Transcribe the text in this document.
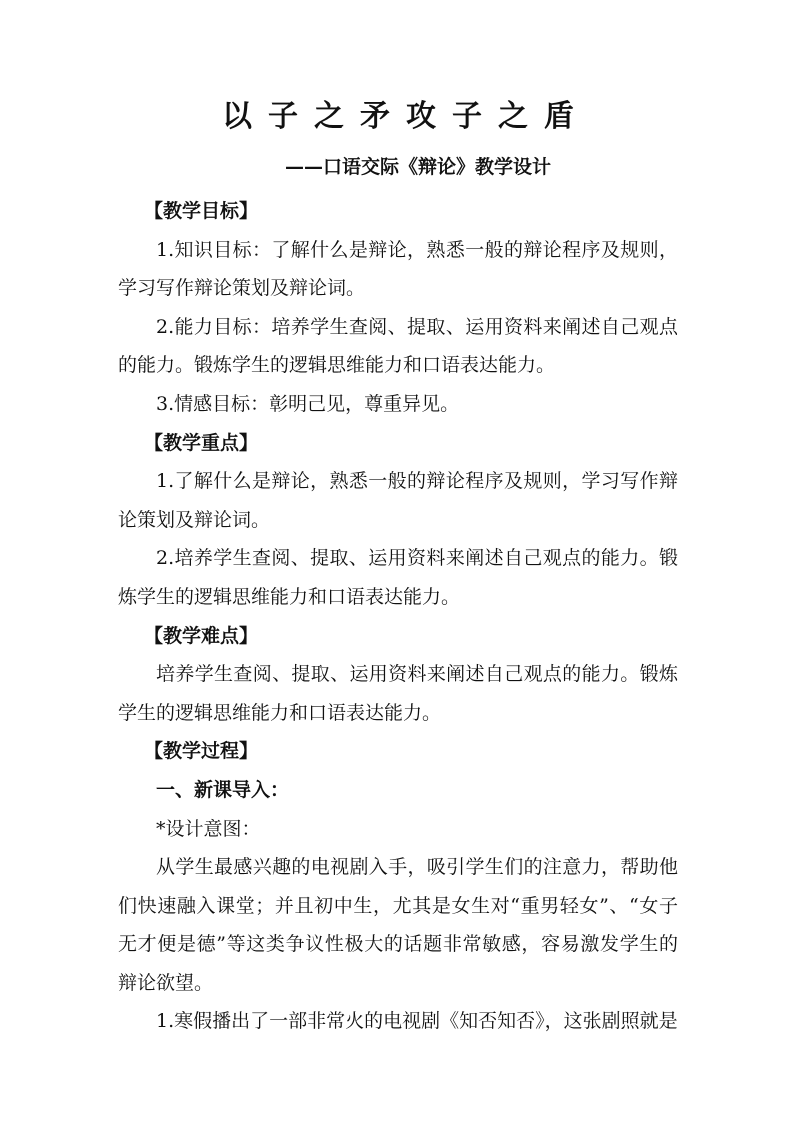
以子之矛攻子之盾
——口语交际《辩论》教学设计

【教学目标】

1.知识目标：了解什么是辩论，熟悉一般的辩论程序及规则，学习写作辩论策划及辩论词。

2.能力目标：培养学生查阅、提取、运用资料来阐述自己观点的能力。锻炼学生的逻辑思维能力和口语表达能力。

3.情感目标：彰明己见，尊重异见。

【教学重点】

1.了解什么是辩论，熟悉一般的辩论程序及规则，学习写作辩论策划及辩论词。

2.培养学生查阅、提取、运用资料来阐述自己观点的能力。锻炼学生的逻辑思维能力和口语表达能力。

【教学难点】

培养学生查阅、提取、运用资料来阐述自己观点的能力。锻炼学生的逻辑思维能力和口语表达能力。

【教学过程】

一、新课导入：

*设计意图：

从学生最感兴趣的电视剧入手，吸引学生们的注意力，帮助他们快速融入课堂；并且初中生，尤其是女生对“重男轻女”、“女子无才便是德”等这类争议性极大的话题非常敏感，容易激发学生的辩论欲望。

1.寒假播出了一部非常火的电视剧《知否知否》，这张剧照就是
